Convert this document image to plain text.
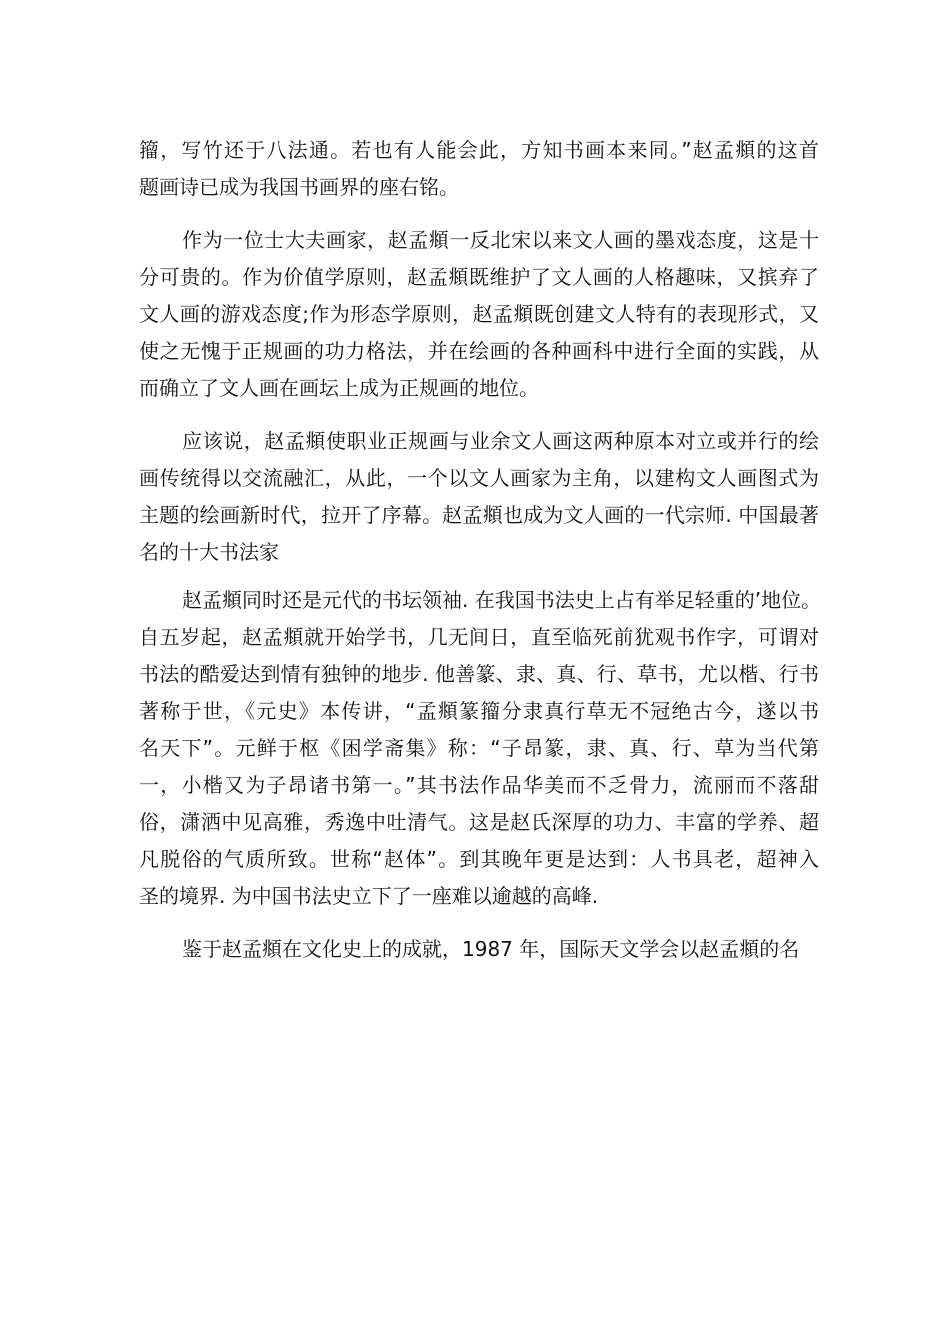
籀，写竹还于八法通。若也有人能会此，方知书画本来同。”赵孟頫的这首
题画诗已成为我国书画界的座右铭。
作为一位士大夫画家，赵孟頫一反北宋以来文人画的墨戏态度，这是十
分可贵的。作为价值学原则，赵孟頫既维护了文人画的人格趣味，又摈弃了
文人画的游戏态度;作为形态学原则，赵孟頫既创建文人特有的表现形式，又
使之无愧于正规画的功力格法，并在绘画的各种画科中进行全面的实践，从
而确立了文人画在画坛上成为正规画的地位。
应该说，赵孟頫使职业正规画与业余文人画这两种原本对立或并行的绘
画传统得以交流融汇，从此，一个以文人画家为主角，以建构文人画图式为
主题的绘画新时代，拉开了序幕。赵孟頫也成为文人画的一代宗师. 中国最著
名的十大书法家
赵孟頫同时还是元代的书坛领袖. 在我国书法史上占有举足轻重的’地位。
自五岁起，赵孟頫就开始学书，几无间日，直至临死前犹观书作字，可谓对
书法的酷爱达到情有独钟的地步. 他善篆、隶、真、行、草书，尤以楷、行书
著称于世，《元史》本传讲，“孟頫篆籀分隶真行草无不冠绝古今，遂以书
名天下”。元鲜于枢《困学斋集》称：“子昂篆，隶、真、行、草为当代第
一，小楷又为子昂诸书第一。”其书法作品华美而不乏骨力，流丽而不落甜
俗，潇洒中见高雅，秀逸中吐清气。这是赵氏深厚的功力、丰富的学养、超
凡脱俗的气质所致。世称“赵体”。到其晚年更是达到：人书具老，超神入
圣的境界. 为中国书法史立下了一座难以逾越的高峰.
鉴于赵孟頫在文化史上的成就，1987 年，国际天文学会以赵孟頫的名
